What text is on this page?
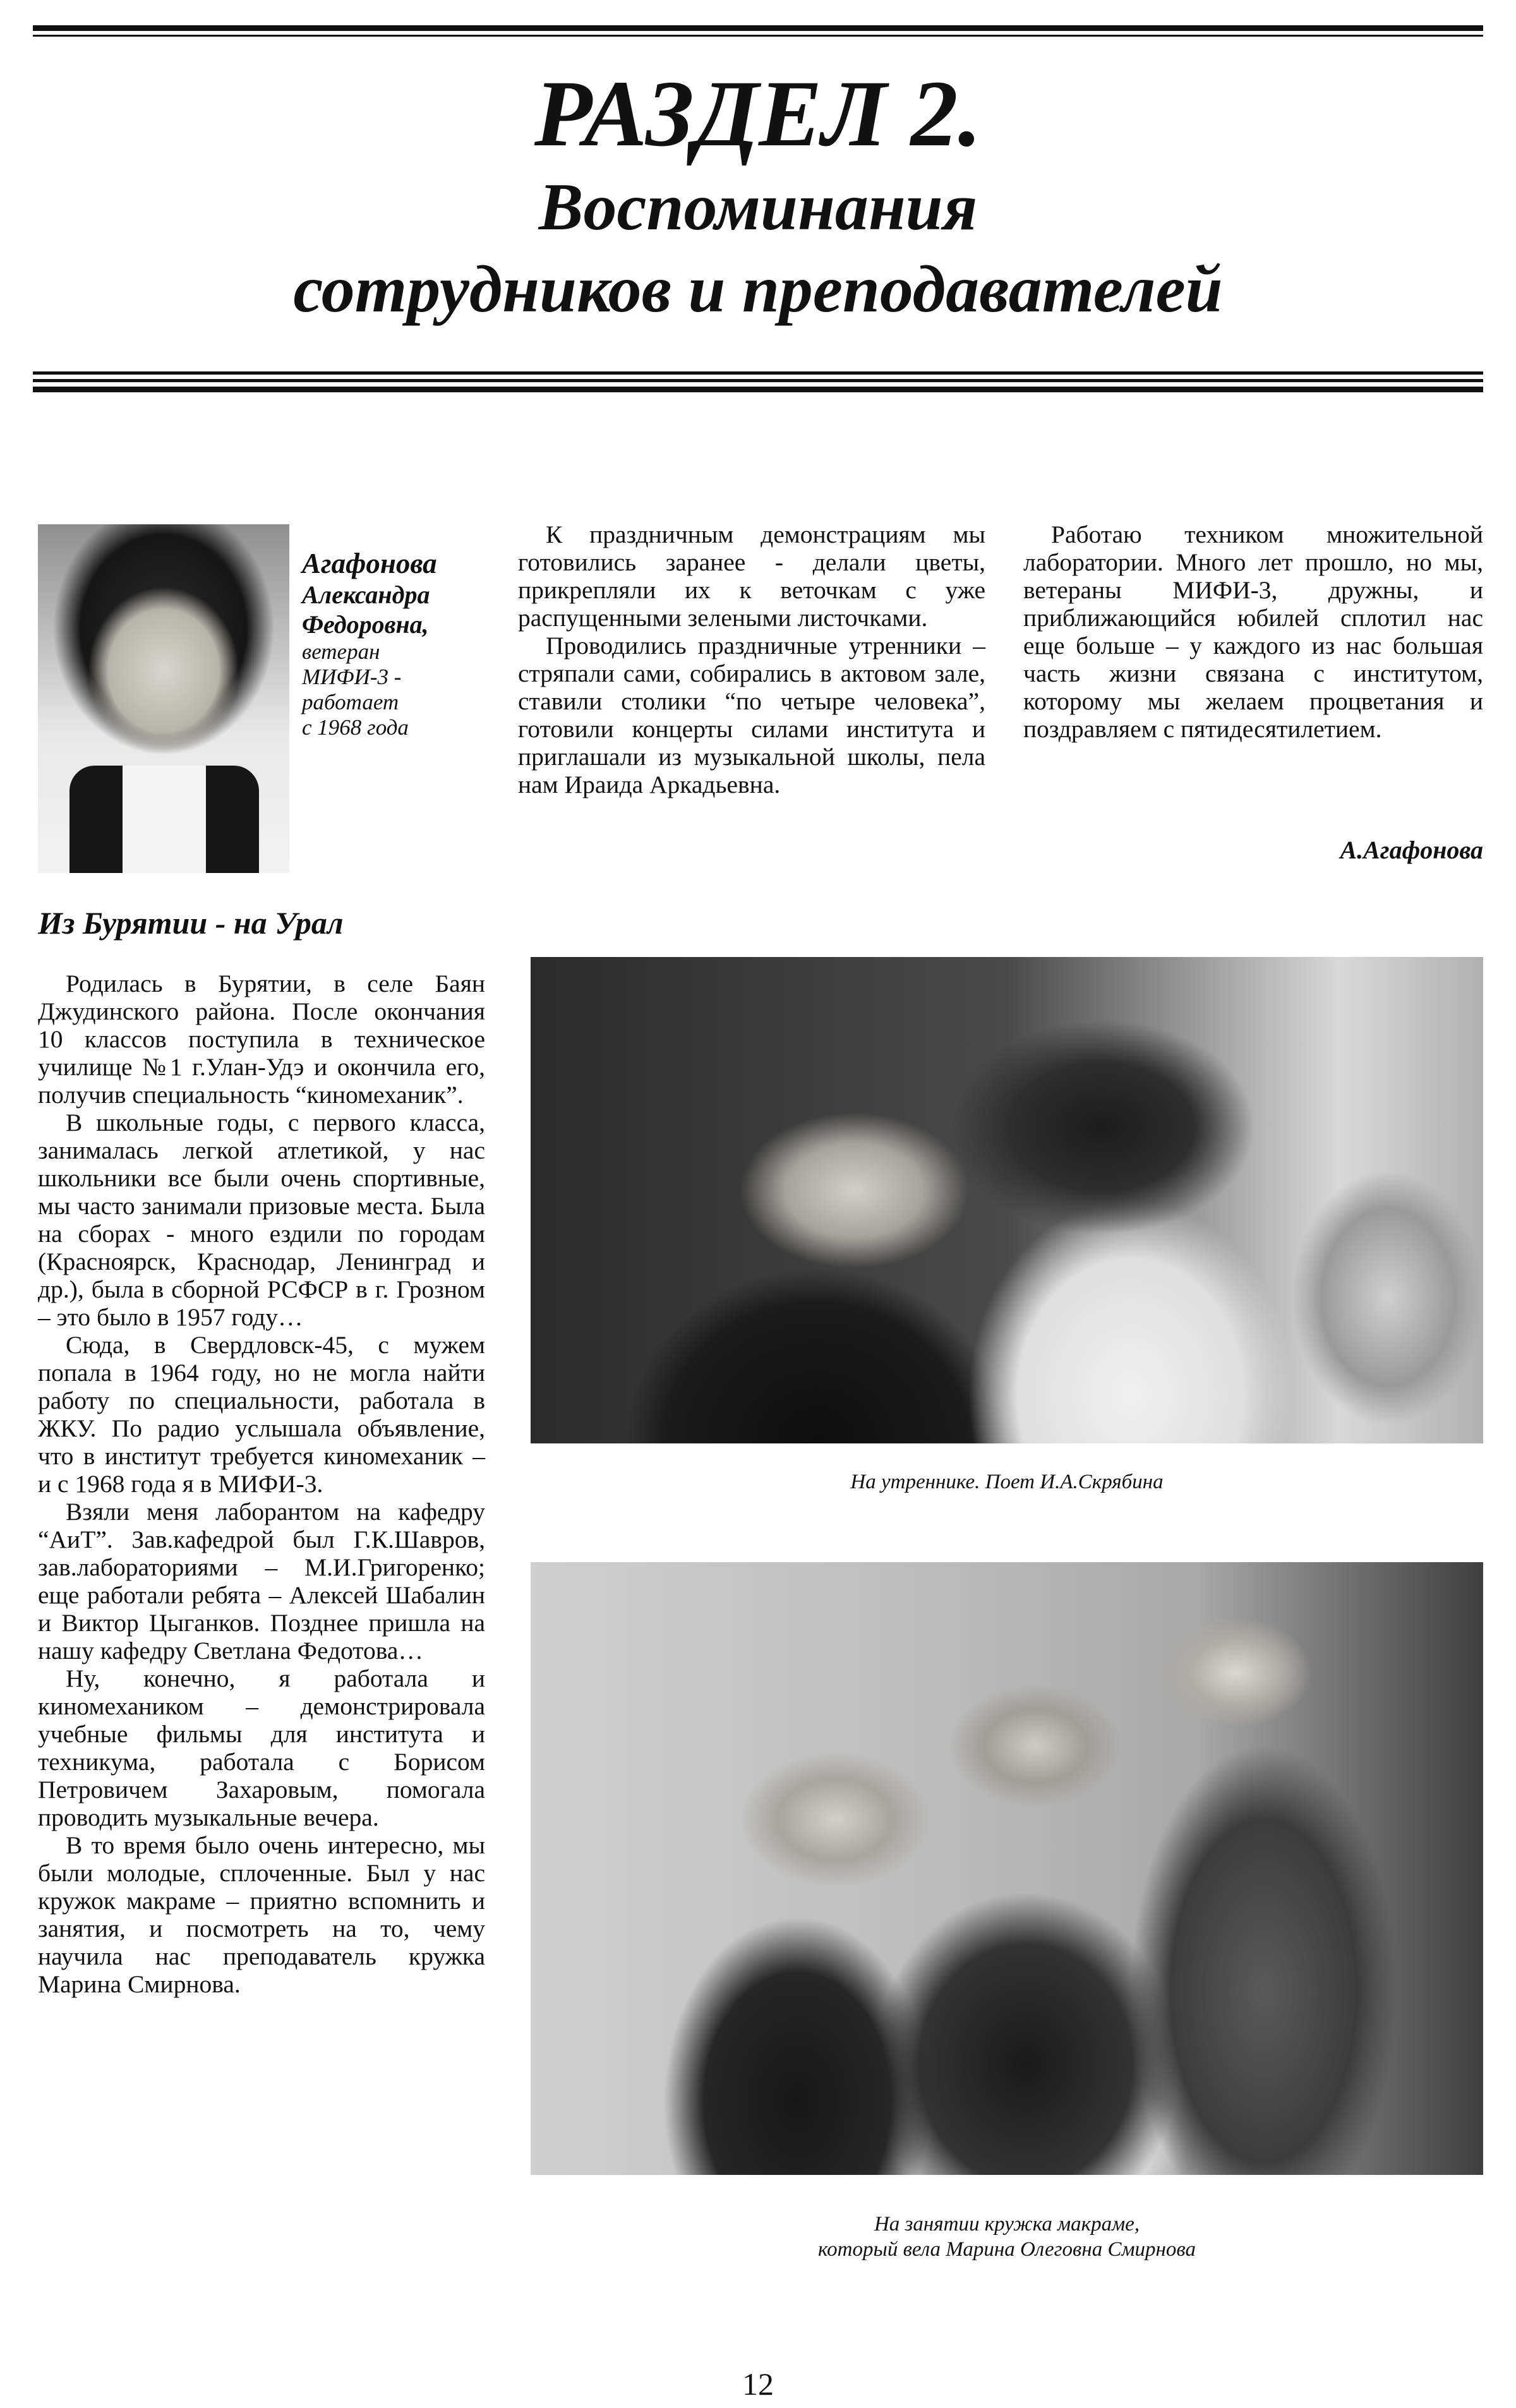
РАЗДЕЛ 2.
Воспоминания
сотрудников и преподавателей
Агафонова
Александра
Федоровна,
ветеран
МИФИ-3 -
работает
с 1968 года
Из Бурятии - на Урал

Родилась в Бурятии, в селе Баян Джудинского района. После окончания 10 классов поступила в техническое училище №1 г.Улан-Удэ и окончила его, получив специальность “киномеханик”.

В школьные годы, с первого класса, занималась легкой атлетикой, у нас школьники все были очень спортивные, мы часто занимали призовые места. Была на сборах - много ездили по городам (Красноярск, Краснодар, Ленинград и др.), была в сборной РСФСР в г. Грозном – это было в 1957 году…

Сюда, в Свердловск-45, с мужем попала в 1964 году, но не могла найти работу по специальности, работала в ЖКУ. По радио услышала объявление, что в институт требуется киномеханик – и с 1968 года я в МИФИ-3.

Взяли меня лаборантом на кафедру “АиТ”. Зав.кафедрой был Г.К.Шавров, зав.лабораториями – М.И.Григоренко; еще работали ребята – Алексей Шабалин и Виктор Цыганков. Позднее пришла на нашу кафедру Светлана Федотова…

Ну, конечно, я работала и киномехаником – демонстрировала учебные фильмы для института и техникума, работала с Борисом Петровичем Захаровым, помогала проводить музыкальные вечера.

В то время было очень интересно, мы были молодые, сплоченные. Был у нас кружок макраме – приятно вспомнить и занятия, и посмотреть на то, чему научила нас преподаватель кружка Марина Смирнова.

К праздничным демонстрациям мы готовились заранее - делали цветы, прикрепляли их к веточкам с уже распущенными зелеными листочками.

Проводились праздничные утренники – стряпали сами, собирались в актовом зале, ставили столики “по четыре человека”, готовили концерты силами института и приглашали из музыкальной школы, пела нам Ираида Аркадьевна.

Работаю техником множительной лаборатории. Много лет прошло, но мы, ветераны МИФИ-3, дружны, и приближающийся юбилей сплотил нас еще больше – у каждого из нас большая часть жизни связана с институтом, которому мы желаем процветания и поздравляем с пятидесятилетием.

А.Агафонова
На утреннике. Поет И.А.Скрябина
На занятии кружка макраме,
который вела Марина Олеговна Смирнова
12
